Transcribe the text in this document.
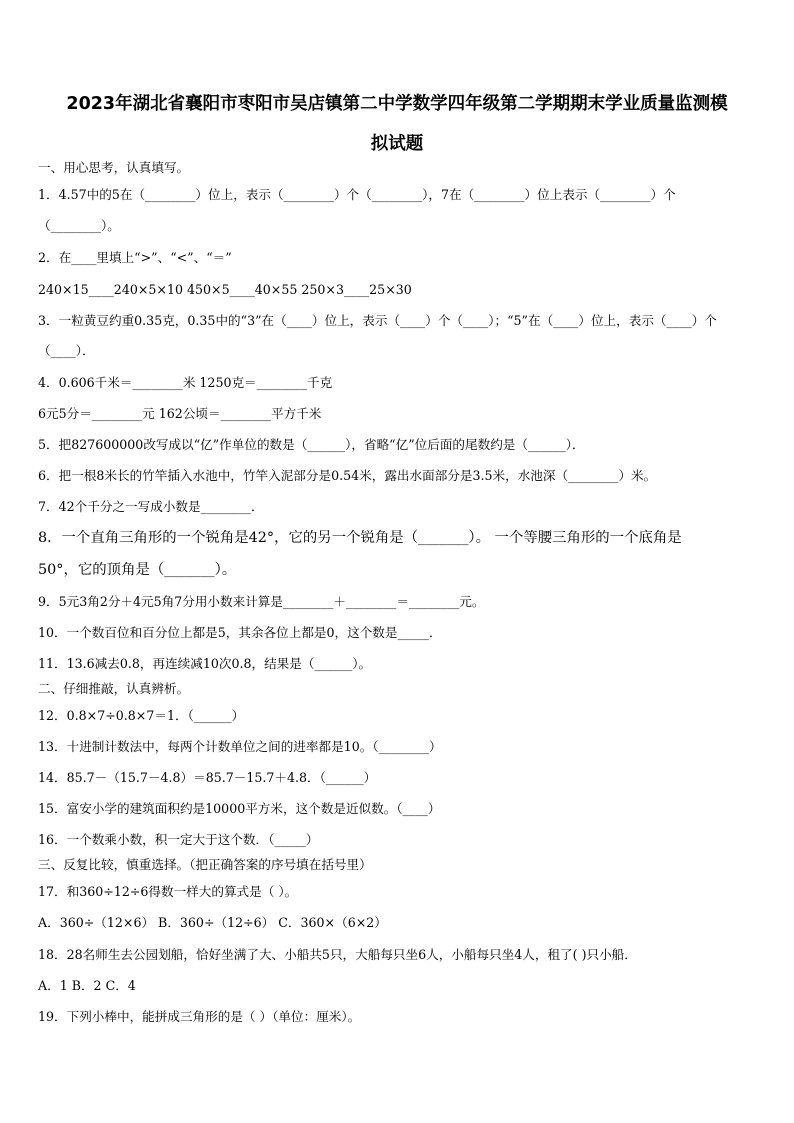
2023年湖北省襄阳市枣阳市吴店镇第二中学数学四年级第二学期期末学业质量监测模
拟试题
一、用心思考，认真填写。
1．4.57中的5在（________）位上，表示（________）个（________），7在（________）位上表示（________）个
（________）。
2．在____里填上“>”、“<”、“＝”
240×15____240×5×10 450×5____40×55 250×3____25×30
3．一粒黄豆约重0.35克，0.35中的“3”在（____）位上，表示（____）个（____）；“5”在（____）位上，表示（____）个
（____）．
4．0.606千米＝________米 1250克＝________千克
6元5分＝________元 162公顷＝________平方千米
5．把827600000改写成以“亿”作单位的数是（______），省略“亿”位后面的尾数约是（______）．
6．把一根8米长的竹竿插入水池中，竹竿入泥部分是0.54米，露出水面部分是3.5米，水池深（________）米。
7．42个千分之一写成小数是________．
8．一个直角三角形的一个锐角是42°，它的另一个锐角是（_______）。 一个等腰三角形的一个底角是
50°，它的顶角是（_______）。
9．5元3角2分＋4元5角7分用小数来计算是________＋________＝________元。
10．一个数百位和百分位上都是5，其余各位上都是0，这个数是_____．
11．13.6减去0.8，再连续减10次0.8，结果是（______）。
二、仔细推敲，认真辨析。
12．0.8×7÷0.8×7＝1．（______）
13．十进制计数法中，每两个计数单位之间的进率都是10。（________）
14．85.7－（15.7－4.8）＝85.7－15.7＋4.8．（______）
15．富安小学的建筑面积约是10000平方米，这个数是近似数。（____）
16．一个数乘小数，积一定大于这个数．（_____）
三、反复比较，慎重选择。（把正确答案的序号填在括号里）
17．和360÷12÷6得数一样大的算式是（ ）。
A．360÷（12×6） B．360÷（12÷6） C．360×（6×2）
18．28名师生去公园划船，恰好坐满了大、小船共5只，大船每只坐6人，小船每只坐4人，租了( )只小船．
A．1 B．2 C．4
19．下列小棒中，能拼成三角形的是（ ）（单位：厘米）。
